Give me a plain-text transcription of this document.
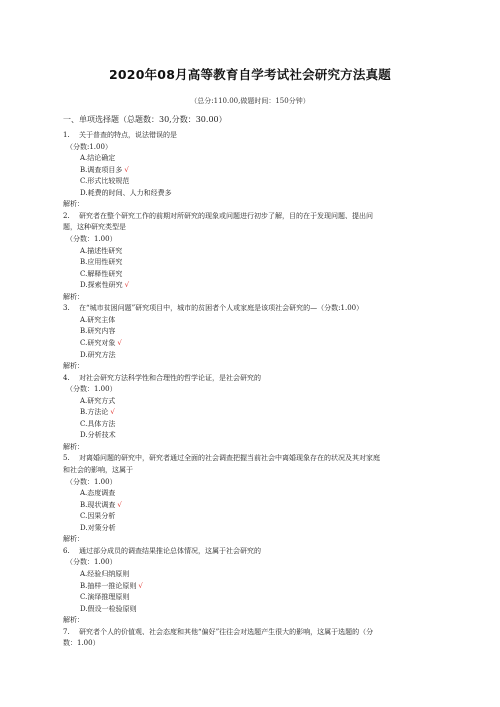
2020年08月高等教育自学考试社会研究方法真题
（总分:110.00,做题时间：150分钟）
一、单项选择题（总题数：30,分数：30.00）
1. 关于普查的特点，说法错误的是
（分数:1.00）
A.结论确定
B.调查项目多 √
C.形式比较规范
D.耗费的时间、人力和经费多
解析：
2. 研究者在整个研究工作的前期对所研究的现象或问题进行初步了解，目的在于发现问题、提出问
题，这种研究类型是
（分数：1.00）
A.描述性研究
B.应用性研究
C.解释性研究
D.探索性研究 √
解析：
3. 在“城市贫困问题”研究项目中，城市的贫困者个人或家庭是该项社会研究的—（分数:1.00）
A.研究主体
B.研究内容
C.研究对象 √
D.研究方法
解析：
4. 对社会研究方法科学性和合理性的哲学论证，是社会研究的
（分数：1.00）
A.研究方式
B.方法论 √
C.具体方法
D.分析技术
解析：
5. 对离婚问题的研究中，研究者通过全面的社会调查把握当前社会中离婚现象存在的状况及其对家庭
和社会的影响，这属于
（分数：1.00）
A.态度调查
B.现状调查 √
C.因果分析
D.对策分析
解析：
6. 通过部分成员的调查结果推论总体情况，这属于社会研究的
（分数：1.00）
A.经验归纳原则
B.抽样一推论原则 √
C.演绎推理原则
D.假设一检验原则
解析：
7. 研究者个人的价值观、社会态度和其他“偏好”往往会对选题产生很大的影响，这属于选题的（分
数：1.00）
